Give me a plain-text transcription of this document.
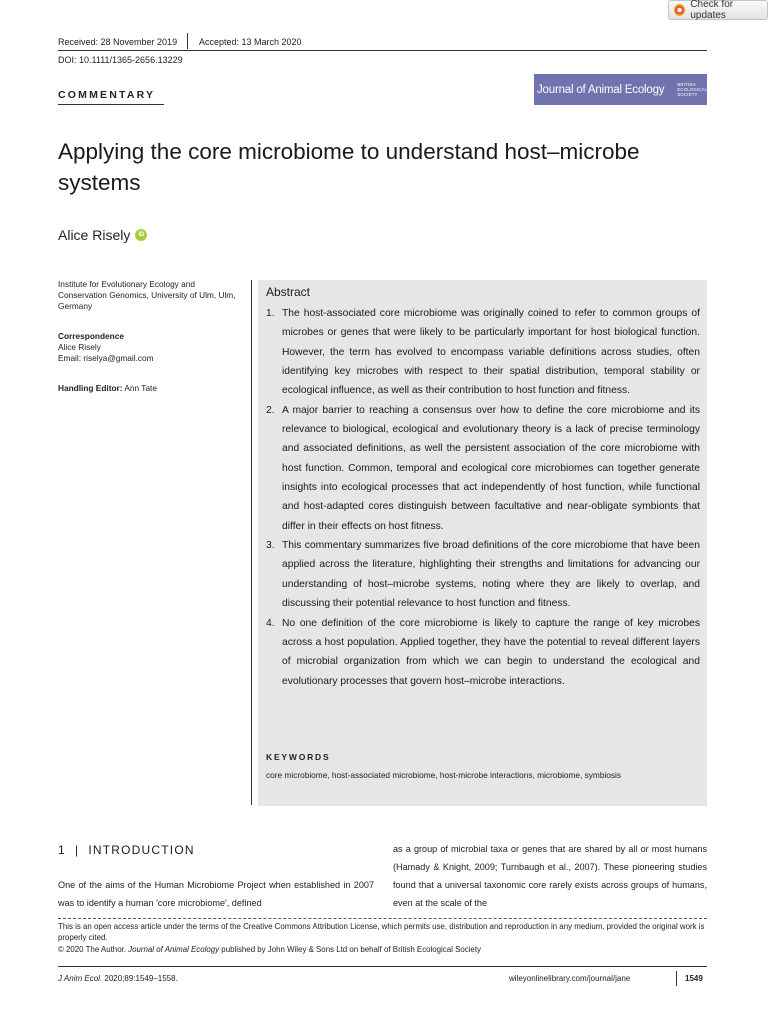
Check for updates
Received: 28 November 2019 Accepted: 13 March 2020
DOI: 10.1111/1365-2656.13229
COMMENTARY	Journal of Animal Ecology	BRITISH ECOLOGICAL SOCIETY
Applying the core microbiome to understand host–microbe systems
Alice Risely	iD
Institute for Evolutionary Ecology and Conservation Genomics, University of Ulm, Ulm, Germany
Correspondence
Alice Risely
Email: riselya@gmail.com
Handling Editor: Ann Tate
Abstract
1. The host-associated core microbiome was originally coined to refer to common groups of microbes or genes that were likely to be particularly important for host biological function. However, the term has evolved to encompass variable definitions across studies, often identifying key microbes with respect to their spatial distribution, temporal stability or ecological influence, as well as their contribution to host function and fitness.
2. A major barrier to reaching a consensus over how to define the core microbiome and its relevance to biological, ecological and evolutionary theory is a lack of precise terminology and associated definitions, as well the persistent association of the core microbiome with host function. Common, temporal and ecological core microbiomes can together generate insights into ecological processes that act independently of host function, while functional and host-adapted cores distinguish between facultative and near-obligate symbionts that differ in their effects on host fitness.
3. This commentary summarizes five broad definitions of the core microbiome that have been applied across the literature, highlighting their strengths and limitations for advancing our understanding of host–microbe systems, noting where they are likely to overlap, and discussing their potential relevance to host function and fitness.
4. No one definition of the core microbiome is likely to capture the range of key microbes across a host population. Applied together, they have the potential to reveal different layers of microbial organization from which we can begin to understand the ecological and evolutionary processes that govern host–microbe interactions.
KEYWORDS
core microbiome, host-associated microbiome, host-microbe interactions, microbiome, symbiosis
1  |  INTRODUCTION
One of the aims of the Human Microbiome Project when established in 2007 was to identify a human 'core microbiome', defined
as a group of microbial taxa or genes that are shared by all or most humans (Hamady & Knight, 2009; Turnbaugh et al., 2007). These pioneering studies found that a universal taxonomic core rarely exists across groups of humans, even at the scale of the
This is an open access article under the terms of the Creative Commons Attribution License, which permits use, distribution and reproduction in any medium, provided the original work is properly cited.
© 2020 The Author. Journal of Animal Ecology published by John Wiley & Sons Ltd on behalf of British Ecological Society
J Anim Ecol. 2020;89:1549–1558.	wileyonlinelibrary.com/journal/jane	1549
